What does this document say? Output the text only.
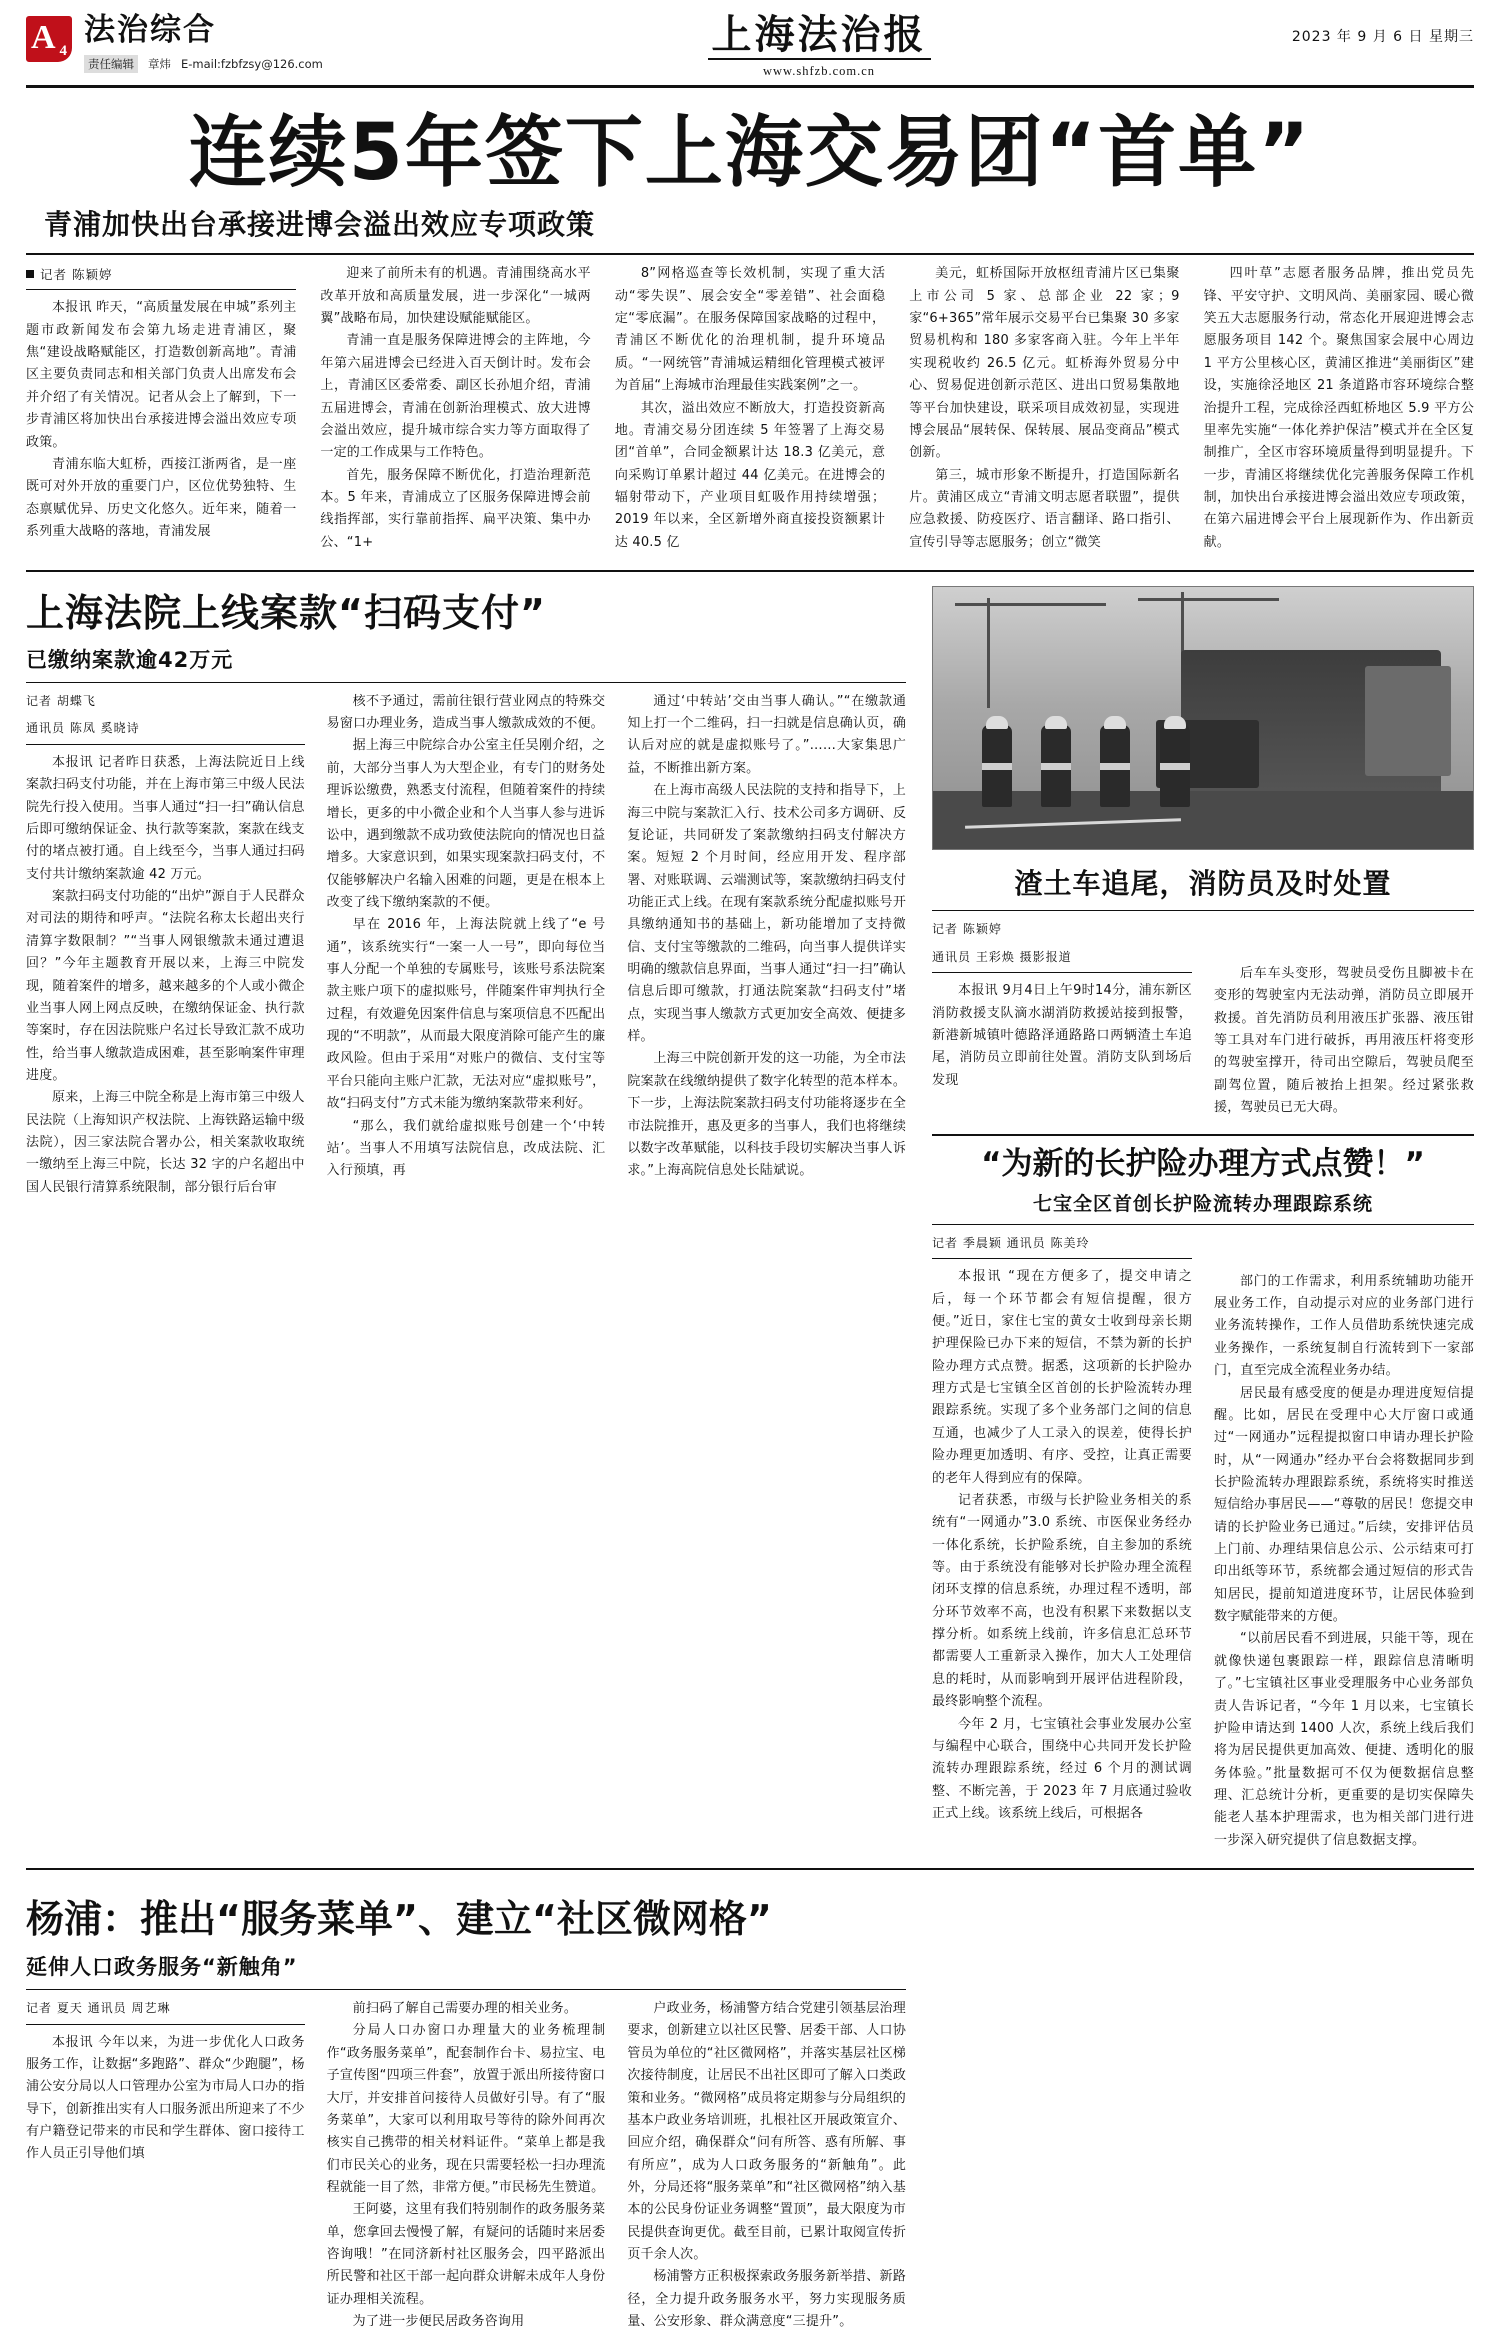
A 4
法治综合
责任编辑	章炜 E-mail:fzbfzsy@126.com
上海法治报
www.shfzb.com.cn
2023 年 9 月 6 日 星期三
连续5年签下上海交易团“首单”
青浦加快出台承接进博会溢出效应专项政策
记者 陈颖婷

本报讯 昨天，“高质量发展在申城”系列主题市政新闻发布会第九场走进青浦区，聚焦“建设战略赋能区，打造数创新高地”。青浦区主要负责同志和相关部门负责人出席发布会并介绍了有关情况。记者从会上了解到，下一步青浦区将加快出台承接进博会溢出效应专项政策。

青浦东临大虹桥，西接江浙两省，是一座既可对外开放的重要门户，区位优势独特、生态禀赋优异、历史文化悠久。近年来，随着一系列重大战略的落地，青浦发展

迎来了前所未有的机遇。青浦围绕高水平改革开放和高质量发展，进一步深化“一城两翼”战略布局，加快建设赋能赋能区。

青浦一直是服务保障进博会的主阵地，今年第六届进博会已经进入百天倒计时。发布会上，青浦区区委常委、副区长孙旭介绍，青浦五届进博会，青浦在创新治理模式、放大进博会溢出效应，提升城市综合实力等方面取得了一定的工作成果与工作特色。

首先，服务保障不断优化，打造治理新范本。5 年来，青浦成立了区服务保障进博会前线指挥部，实行靠前指挥、扁平决策、集中办公、“1+

8”网格巡查等长效机制，实现了重大活动“零失误”、展会安全“零差错”、社会面稳定“零底漏”。在服务保障国家战略的过程中，青浦区不断优化的治理机制，提升环境品质。“一网统管”青浦城运精细化管理模式被评为首届“上海城市治理最佳实践案例”之一。

其次，溢出效应不断放大，打造投资新高地。青浦交易分团连续 5 年签署了上海交易团“首单”，合同金额累计达 18.3 亿美元，意向采购订单累计超过 44 亿美元。在进博会的辐射带动下，产业项目虹吸作用持续增强；2019 年以来，全区新增外商直接投资额累计达 40.5 亿

美元，虹桥国际开放枢纽青浦片区已集聚上市公司 5 家、总部企业 22 家；9 家“6+365”常年展示交易平台已集聚 30 多家贸易机构和 180 多家客商入驻。今年上半年实现税收约 26.5 亿元。虹桥海外贸易分中心、贸易促进创新示范区、进出口贸易集散地等平台加快建设，联采项目成效初显，实现进博会展品“展转保、保转展、展品变商品”模式创新。

第三，城市形象不断提升，打造国际新名片。黄浦区成立“青浦文明志愿者联盟”，提供应急救援、防疫医疗、语言翻译、路口指引、宣传引导等志愿服务；创立“微笑

四叶草”志愿者服务品牌，推出党员先锋、平安守护、文明风尚、美丽家园、暖心微笑五大志愿服务行动，常态化开展迎进博会志愿服务项目 142 个。聚焦国家会展中心周边 1 平方公里核心区，黄浦区推进“美丽街区”建设，实施徐泾地区 21 条道路市容环境综合整治提升工程，完成徐泾西虹桥地区 5.9 平方公里率先实施“一体化养护保洁”模式并在全区复制推广，全区市容环境质量得到明显提升。下一步，青浦区将继续优化完善服务保障工作机制，加快出台承接进博会溢出效应专项政策，在第六届进博会平台上展现新作为、作出新贡献。

上海法院上线案款“扫码支付”
已缴纳案款逾42万元
记者 胡蝶飞
通讯员 陈凤 奚晓诗

本报讯 记者昨日获悉，上海法院近日上线案款扫码支付功能，并在上海市第三中级人民法院先行投入使用。当事人通过“扫一扫”确认信息后即可缴纳保证金、执行款等案款，案款在线支付的堵点被打通。自上线至今，当事人通过扫码支付共计缴纳案款逾 42 万元。

案款扫码支付功能的“出炉”源自于人民群众对司法的期待和呼声。“法院名称太长超出夹行清算字数限制？”“当事人网银缴款未通过遭退回？”今年主题教育开展以来，上海三中院发现，随着案件的增多，越来越多的个人或小微企业当事人网上网点反映，在缴纳保证金、执行款等案时，存在因法院账户名过长导致汇款不成功性，给当事人缴款造成困难，甚至影响案件审理进度。

原来，上海三中院全称是上海市第三中级人民法院（上海知识产权法院、上海铁路运输中级法院），因三家法院合署办公，相关案款收取统一缴纳至上海三中院，长达 32 字的户名超出中国人民银行清算系统限制，部分银行后台审

核不予通过，需前往银行营业网点的特殊交易窗口办理业务，造成当事人缴款成效的不便。

据上海三中院综合办公室主任吴刚介绍，之前，大部分当事人为大型企业，有专门的财务处理诉讼缴费，熟悉支付流程，但随着案件的持续增长，更多的中小微企业和个人当事人参与进诉讼中，遇到缴款不成功致使法院向的情况也日益增多。大家意识到，如果实现案款扫码支付，不仅能够解决户名输入困难的问题，更是在根本上改变了线下缴纳案款的不便。

早在 2016 年，上海法院就上线了“e 号通”，该系统实行“一案一人一号”，即向每位当事人分配一个单独的专属账号，该账号系法院案款主账户项下的虚拟账号，伴随案件审判执行全过程，有效避免因案件信息与案项信息不匹配出现的“不明款”，从而最大限度消除可能产生的廉政风险。但由于采用“对账户的微信、支付宝等平台只能向主账户汇款，无法对应“虚拟账号”，故“扫码支付”方式未能为缴纳案款带来利好。

“那么，我们就给虚拟账号创建一个‘中转站’。当事人不用填写法院信息，改成法院、汇入行预填，再

通过‘中转站’交由当事人确认。”“在缴款通知上打一个二维码，扫一扫就是信息确认页，确认后对应的就是虚拟账号了。”……大家集思广益，不断推出新方案。

在上海市高级人民法院的支持和指导下，上海三中院与案款汇入行、技术公司多方调研、反复论证，共同研发了案款缴纳扫码支付解决方案。短短 2 个月时间，经应用开发、程序部署、对账联调、云端测试等，案款缴纳扫码支付功能正式上线。在现有案款系统分配虚拟账号开具缴纳通知书的基础上，新功能增加了支持微信、支付宝等缴款的二维码，向当事人提供详实明确的缴款信息界面，当事人通过“扫一扫”确认信息后即可缴款，打通法院案款“扫码支付”堵点，实现当事人缴款方式更加安全高效、便捷多样。

上海三中院创新开发的这一功能，为全市法院案款在线缴纳提供了数字化转型的范本样本。下一步，上海法院案款扫码支付功能将逐步在全市法院推开，惠及更多的当事人，我们也将继续以数字改革赋能，以科技手段切实解决当事人诉求。”上海高院信息处长陆斌说。

渣土车追尾，消防员及时处置
记者 陈颖婷
通讯员 王彩焕 摄影报道

本报讯 9月4日上午9时14分，浦东新区消防救援支队滴水湖消防救援站接到报警，新港新城镇叶德路泽通路路口两辆渣土车追尾，消防员立即前往处置。消防支队到场后发现

后车车头变形，驾驶员受伤且脚被卡在变形的驾驶室内无法动弹，消防员立即展开救援。首先消防员利用液压扩张器、液压钳等工具对车门进行破拆，再用液压杆将变形的驾驶室撑开，待司出空隙后，驾驶员爬至副驾位置，随后被抬上担架。经过紧张救援，驾驶员已无大碍。

“为新的长护险办理方式点赞！”
七宝全区首创长护险流转办理跟踪系统
记者 季晨颖 通讯员 陈美玲

本报讯 “现在方便多了，提交申请之后，每一个环节都会有短信提醒，很方便。”近日，家住七宝的黄女士收到母亲长期护理保险已办下来的短信，不禁为新的长护险办理方式点赞。据悉，这项新的长护险办理方式是七宝镇全区首创的长护险流转办理跟踪系统。实现了多个业务部门之间的信息互通，也减少了人工录入的误差，使得长护险办理更加透明、有序、受控，让真正需要的老年人得到应有的保障。

记者获悉，市级与长护险业务相关的系统有“一网通办”3.0 系统、市医保业务经办一体化系统，长护险系统，自主参加的系统等。由于系统没有能够对长护险办理全流程闭环支撑的信息系统，办理过程不透明，部分环节效率不高，也没有积累下来数据以支撑分析。如系统上线前，许多信息汇总环节都需要人工重新录入操作，加大人工处理信息的耗时，从而影响到开展评估进程阶段，最终影响整个流程。

今年 2 月，七宝镇社会事业发展办公室与编程中心联合，围绕中心共同开发长护险流转办理跟踪系统，经过 6 个月的测试调整、不断完善，于 2023 年 7 月底通过验收正式上线。该系统上线后，可根据各

部门的工作需求，利用系统辅助功能开展业务工作，自动提示对应的业务部门进行业务流转操作，工作人员借助系统快速完成业务操作，一系统复制自行流转到下一家部门，直至完成全流程业务办结。

居民最有感受度的便是办理进度短信提醒。比如，居民在受理中心大厅窗口或通过“一网通办”远程提拟窗口申请办理长护险时，从“一网通办”经办平台会将数据同步到长护险流转办理跟踪系统，系统将实时推送短信给办事居民——“尊敬的居民！您提交申请的长护险业务已通过。”后续，安排评估员上门前、办理结果信息公示、公示结束可打印出纸等环节，系统都会通过短信的形式告知居民，提前知道进度环节，让居民体验到数字赋能带来的方便。

“以前居民看不到进展，只能干等，现在就像快递包裹跟踪一样，跟踪信息清晰明了。”七宝镇社区事业受理服务中心业务部负责人告诉记者，“今年 1 月以来，七宝镇长护险申请达到 1400 人次，系统上线后我们将为居民提供更加高效、便捷、透明化的服务体验。”批量数据可不仅为便数据信息整理、汇总统计分析，更重要的是切实保障失能老人基本护理需求，也为相关部门进行进一步深入研究提供了信息数据支撑。

杨浦：推出“服务菜单”、建立“社区微网格”
延伸人口政务服务“新触角”
记者 夏天 通讯员 周艺琳

本报讯 今年以来，为进一步优化人口政务服务工作，让数据“多跑路”、群众“少跑腿”，杨浦公安分局以人口管理办公室为市局人口办的指导下，创新推出实有人口服务派出所迎来了不少有户籍登记带来的市民和学生群体、窗口接待工作人员正引导他们填

前扫码了解自己需要办理的相关业务。

分局人口办窗口办理量大的业务梳理制作“政务服务菜单”，配套制作台卡、易拉宝、电子宣传图“四项三件套”，放置于派出所接待窗口大厅，并安排首问接待人员做好引导。有了“服务菜单”，大家可以利用取号等待的除外间再次核实自己携带的相关材料证件。“菜单上都是我们市民关心的业务，现在只需要轻松一扫办理流程就能一目了然，非常方便。”市民杨先生赞道。

王阿婆，这里有我们特别制作的政务服务菜单，您拿回去慢慢了解，有疑问的话随时来居委咨询哦！”在同济新村社区服务会，四平路派出所民警和社区干部一起向群众讲解未成年人身份证办理相关流程。

为了进一步便民居政务咨询用

户政业务，杨浦警方结合党建引领基层治理要求，创新建立以社区民警、居委干部、人口协管员为单位的“社区微网格”，并落实基层社区梯次接待制度，让居民不出社区即可了解入口类政策和业务。“微网格”成员将定期参与分局组织的基本户政业务培训班，扎根社区开展政策宣介、回应介绍，确保群众“问有所答、惑有所解、事有所应”，成为人口政务服务的“新触角”。此外，分局还将“服务菜单”和“社区微网格”纳入基本的公民身份证业务调整“置顶”，最大限度为市民提供查询更优。截至目前，已累计取阅宣传折页千余人次。

杨浦警方正积极探索政务服务新举措、新路径，全力提升政务服务水平，努力实现服务质量、公安形象、群众满意度“三提升”。
